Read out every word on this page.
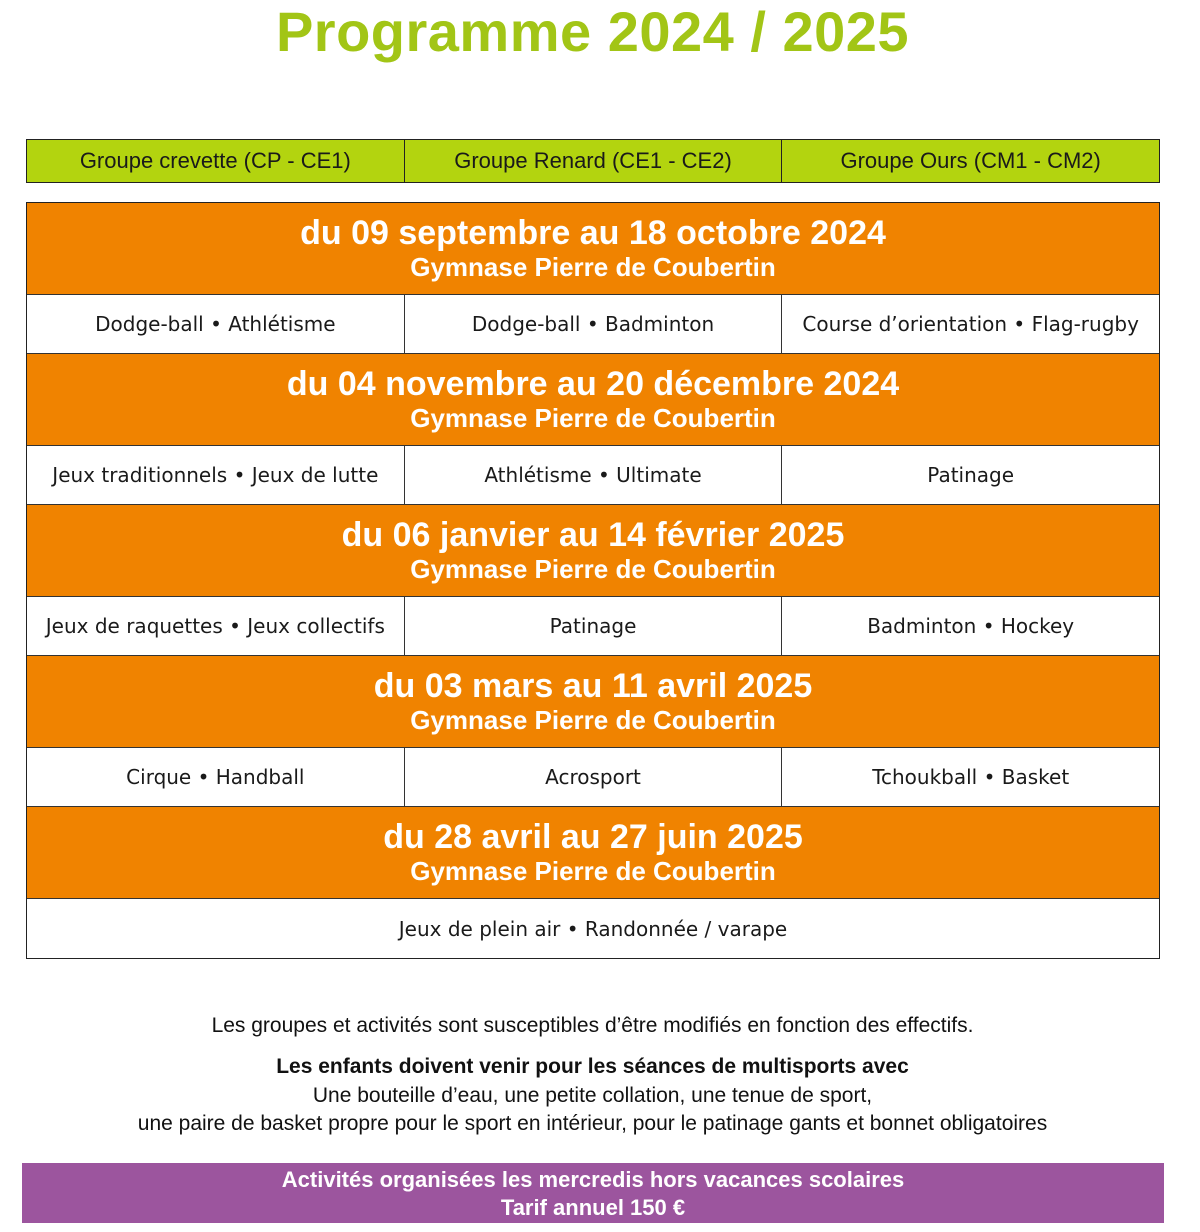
Programme 2024 / 2025
Groupe crevette (CP - CE1)	Groupe Renard (CE1 - CE2)	Groupe Ours (CM1 - CM2)
du 09 septembre au 18 octobre 2024
Gymnase Pierre de Coubertin
Dodge-ball • Athlétisme	Dodge-ball • Badminton	Course d’orientation • Flag-rugby
du 04 novembre au 20 décembre 2024
Gymnase Pierre de Coubertin
Jeux traditionnels • Jeux de lutte	Athlétisme • Ultimate	Patinage
du 06 janvier au 14 février 2025
Gymnase Pierre de Coubertin
Jeux de raquettes • Jeux collectifs	Patinage	Badminton • Hockey
du 03 mars au 11 avril 2025
Gymnase Pierre de Coubertin
Cirque • Handball	Acrosport	Tchoukball • Basket
du 28 avril au 27 juin 2025
Gymnase Pierre de Coubertin
Jeux de plein air • Randonnée / varape
Les groupes et activités sont susceptibles d’être modifiés en fonction des effectifs.
Les enfants doivent venir pour les séances de multisports avec
Une bouteille d’eau, une petite collation, une tenue de sport,
une paire de basket propre pour le sport en intérieur, pour le patinage gants et bonnet obligatoires
Activités organisées les mercredis hors vacances scolaires
Tarif annuel 150 €
